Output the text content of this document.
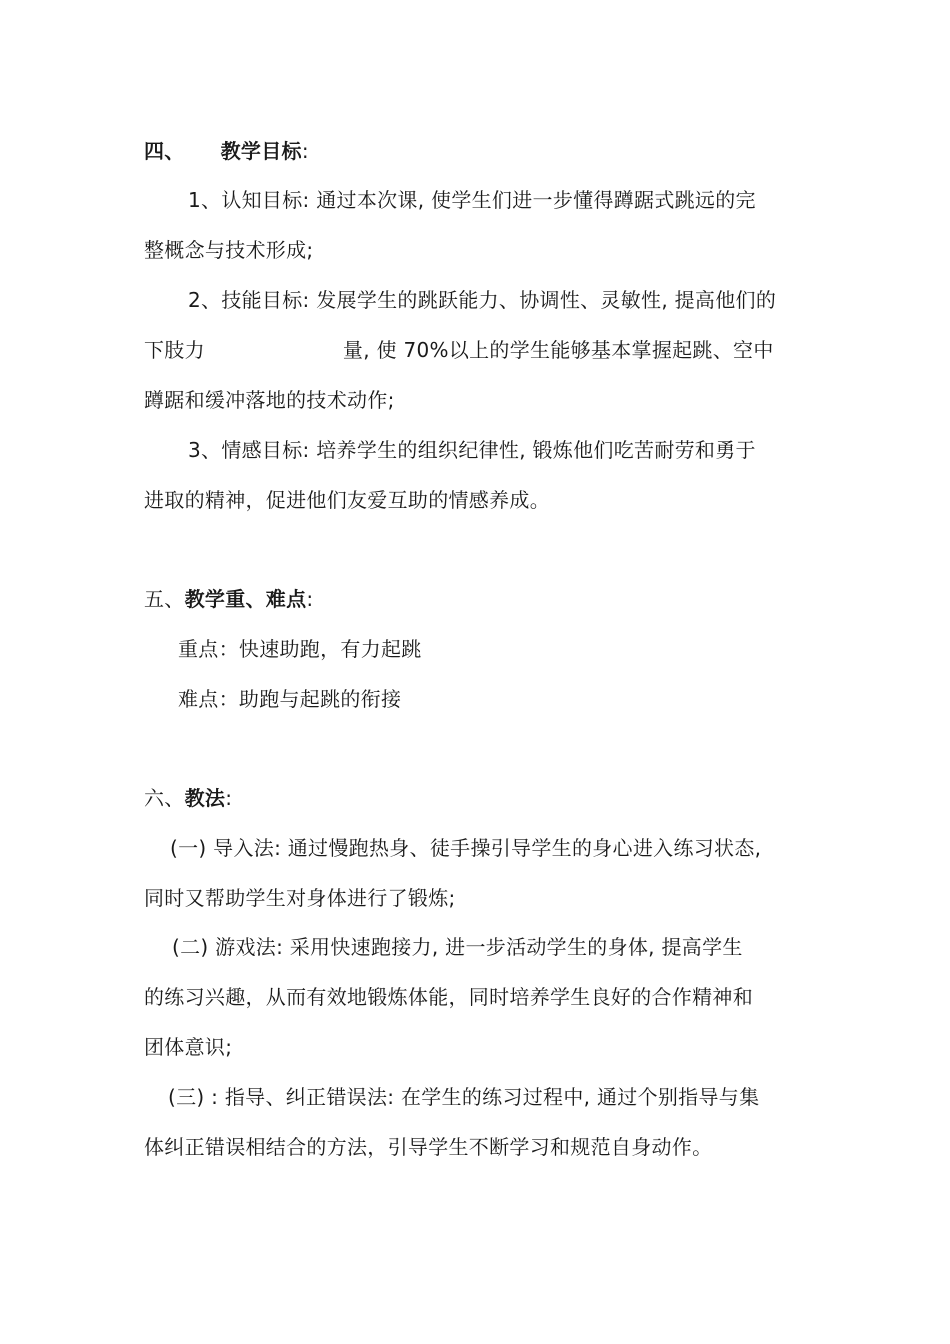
四、 教学目标:
1、认知目标: 通过本次课, 使学生们进一步懂得蹲踞式跳远的完
整概念与技术形成;
2、技能目标: 发展学生的跳跃能力、协调性、灵敏性, 提高他们的
下肢力	量, 使 70%以上的学生能够基本掌握起跳、空中
蹲踞和缓冲落地的技术动作;
3、情感目标: 培养学生的组织纪律性, 锻炼他们吃苦耐劳和勇于
进取的精神，促进他们友爱互助的情感养成。
五、教学重、难点:
重点：快速助跑，有力起跳
难点：助跑与起跳的衔接
六、教法:
(一) 导入法: 通过慢跑热身、徒手操引导学生的身心进入练习状态,
同时又帮助学生对身体进行了锻炼;
(二) 游戏法: 采用快速跑接力, 进一步活动学生的身体, 提高学生
的练习兴趣，从而有效地锻炼体能，同时培养学生良好的合作精神和
团体意识;
(三) : 指导、纠正错误法: 在学生的练习过程中, 通过个别指导与集
体纠正错误相结合的方法，引导学生不断学习和规范自身动作。
